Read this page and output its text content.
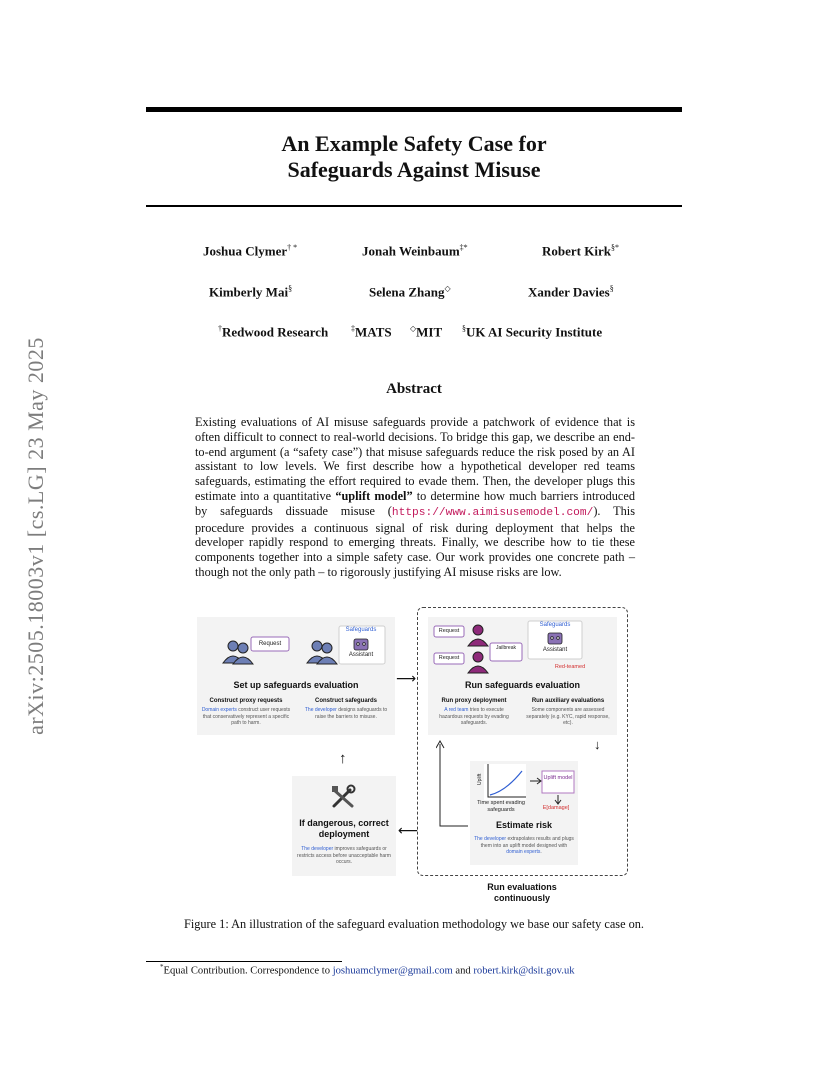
arXiv:2505.18003v1 [cs.LG] 23 May 2025
An Example Safety Case for
Safeguards Against Misuse
Joshua Clymer† *	Jonah Weinbaum‡*	Robert Kirk§*
Kimberly Mai§	Selena Zhang◇	Xander Davies§
†Redwood Research	‡MATS ◇MIT §UK AI Security Institute
Abstract
Existing evaluations of AI misuse safeguards provide a patchwork of evidence that is often difficult to connect to real-world decisions. To bridge this gap, we describe an end-to-end argument (a “safety case”) that misuse safeguards reduce the risk posed by an AI assistant to low levels. We first describe how a hypothetical developer red teams safeguards, estimating the effort required to evade them. Then, the developer plugs this estimate into a quantitative “uplift model” to determine how much barriers introduced by safeguards dissuade misuse (https://www.aimisusemodel.com/). This procedure provides a continuous signal of risk during deployment that helps the developer rapidly respond to emerging threats. Finally, we describe how to tie these components together into a simple safety case. Our work provides one concrete path – though not the only path – to rigorously justifying AI misuse risks are low.
Request
Safeguards
Assistant
Set up safeguards evaluation
Construct proxy requests
Domain experts construct user requests that conservatively represent a specific path to harm.
Construct safeguards
The developer designs safeguards to raise the barriers to misuse.
⟶
Request
Request
Jailbreak
Safeguards
Assistant
Red-teamed
Run safeguards evaluation
Run proxy deployment
A red team tries to execute hazardous requests by evading safeguards.
Run auxiliary evaluations
Some components are assessed separately (e.g. KYC, rapid response, etc).
↓
Uplift
Time spent evading safeguards
Uplift model
E[damage]
Estimate risk
The developer extrapolates results and plugs them into an uplift model designed with domain experts.
⟵
↑
If dangerous, correct
deployment
The developer improves safeguards or restricts access before unacceptable harm occurs.
Run evaluations
continuously
Figure 1: An illustration of the safeguard evaluation methodology we base our safety case on.
*Equal Contribution. Correspondence to joshuamclymer@gmail.com and robert.kirk@dsit.gov.uk
